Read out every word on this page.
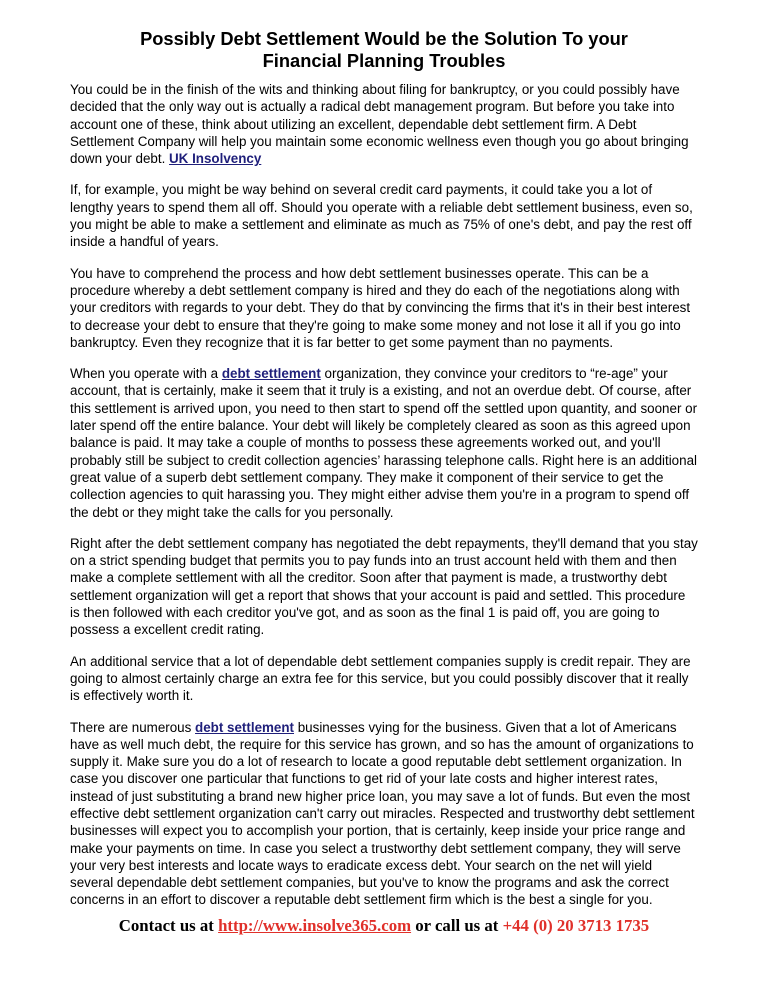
Possibly Debt Settlement Would be the Solution To your
Financial Planning Troubles

You could be in the finish of the wits and thinking about filing for bankruptcy, or you could possibly have decided that the only way out is actually a radical debt management program. But before you take into account one of these, think about utilizing an excellent, dependable debt settlement firm. A Debt Settlement Company will help you maintain some economic wellness even though you go about bringing down your debt. UK Insolvency

If, for example, you might be way behind on several credit card payments, it could take you a lot of lengthy years to spend them all off. Should you operate with a reliable debt settlement business, even so, you might be able to make a settlement and eliminate as much as 75% of one's debt, and pay the rest off inside a handful of years.

You have to comprehend the process and how debt settlement businesses operate. This can be a procedure whereby a debt settlement company is hired and they do each of the negotiations along with your creditors with regards to your debt. They do that by convincing the firms that it's in their best interest to decrease your debt to ensure that they're going to make some money and not lose it all if you go into bankruptcy. Even they recognize that it is far better to get some payment than no payments.

When you operate with a debt settlement organization, they convince your creditors to “re-age” your account, that is certainly, make it seem that it truly is a existing, and not an overdue debt. Of course, after this settlement is arrived upon, you need to then start to spend off the settled upon quantity, and sooner or later spend off the entire balance. Your debt will likely be completely cleared as soon as this agreed upon balance is paid. It may take a couple of months to possess these agreements worked out, and you'll probably still be subject to credit collection agencies’ harassing telephone calls. Right here is an additional great value of a superb debt settlement company. They make it component of their service to get the collection agencies to quit harassing you. They might either advise them you're in a program to spend off the debt or they might take the calls for you personally.

Right after the debt settlement company has negotiated the debt repayments, they'll demand that you stay on a strict spending budget that permits you to pay funds into an trust account held with them and then make a complete settlement with all the creditor. Soon after that payment is made, a trustworthy debt settlement organization will get a report that shows that your account is paid and settled. This procedure is then followed with each creditor you've got, and as soon as the final 1 is paid off, you are going to possess a excellent credit rating.

An additional service that a lot of dependable debt settlement companies supply is credit repair. They are going to almost certainly charge an extra fee for this service, but you could possibly discover that it really is effectively worth it.

There are numerous debt settlement businesses vying for the business. Given that a lot of Americans have as well much debt, the require for this service has grown, and so has the amount of organizations to supply it. Make sure you do a lot of research to locate a good reputable debt settlement organization. In case you discover one particular that functions to get rid of your late costs and higher interest rates, instead of just substituting a brand new higher price loan, you may save a lot of funds. But even the most effective debt settlement organization can't carry out miracles. Respected and trustworthy debt settlement businesses will expect you to accomplish your portion, that is certainly, keep inside your price range and make your payments on time. In case you select a trustworthy debt settlement company, they will serve your very best interests and locate ways to eradicate excess debt. Your search on the net will yield several dependable debt settlement companies, but you've to know the programs and ask the correct concerns in an effort to discover a reputable debt settlement firm which is the best a single for you.

Contact us at http://www.insolve365.com or call us at +44 (0) 20 3713 1735
